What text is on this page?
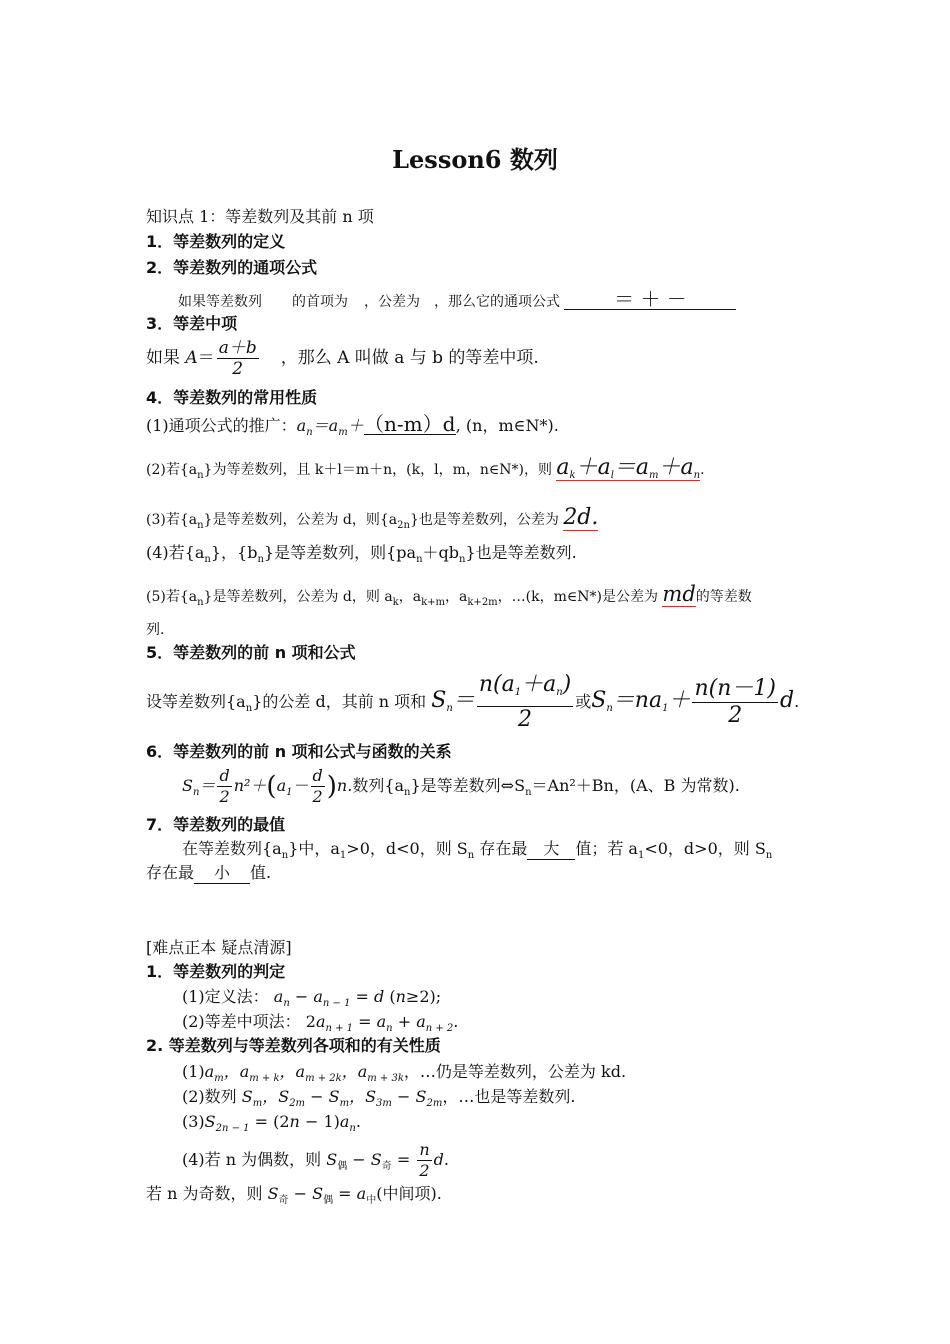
Lesson6 数列
知识点 1：等差数列及其前 n 项
1．等差数列的定义
2．等差数列的通项公式
如果等差数列 的首项为 ，公差为 ，那么它的通项公式	＝ ＋ －
3．等差中项
如果 $A= \frac{a+b}{2}$ ，那么 A 叫做 a 与 b 的等差中项.
4．等差数列的常用性质
(1)通项公式的推广：$a_n=a_m+(n-m)d$, (n，m∈N*).
(2)若$\{a_n\}$为等差数列，且 k＋l＝m＋n，(k，l，m，n∈N*)，则 $a_k+a_l=a_m+a_n$.
(3)若$\{a_n\}$是等差数列，公差为 d，则$\{a_{2n}\}$也是等差数列，公差为 2d.
(4)若$\{a_n\}$，$\{b_n\}$是等差数列，则$\{pa_n+qb_n\}$也是等差数列.
(5)若$\{a_n\}$是等差数列，公差为 d，则 $a_k$，$a_{k+m}$，$a_{k+2m}$，…(k，m∈N*)是公差为 md的等差数
列.
5．等差数列的前 n 项和公式
设等差数列$\{a_n\}$的公差 d，其前 n 项和 $S_n= \frac{n(a_1+a_n)}{2}$ 或$S_n=na_1+ \frac{n(n-1)}{2} d$.
6．等差数列的前 n 项和公式与函数的关系
$S_n= \frac{d}{2} n^2+(a_1- \frac{d}{2} )n$.数列$\{a_n\}$是等差数列$\Leftrightarrow S_n=An^2+Bn$，(A、B 为常数).
7．等差数列的最值
在等差数列$\{a_n\}$中，$a_1>0$，d<0，则 $S_n$ 存在最 大 值；若 $a_1<0$，d>0，则 $S_n$
存在最 小 值.
[难点正本 疑点清源]
1．等差数列的判定
(1)定义法： $a_n - a_{n - 1} = d$ (n≥2);
(2)等差中项法： $2a_{n + 1} = a_n + a_{n + 2}$.
2. 等差数列与等差数列各项和的有关性质
$(1)a_m$，$a_{m + k}$，$a_{m + 2k}$，$a_{m + 3k}$，…仍是等差数列，公差为 kd.
(2)数列 $S_m$，$S_{2m} - S_m$，$S_{3m} - S_{2m}$，…也是等差数列.
$(3)S_{2n - 1} = (2n - 1)a_n$.
(4)若 n 为偶数，则 $S_偶 - S_奇 = \frac{n}{2} d$.
若 n 为奇数，则 $S_奇 - S_偶 = a_中$(中间项).
